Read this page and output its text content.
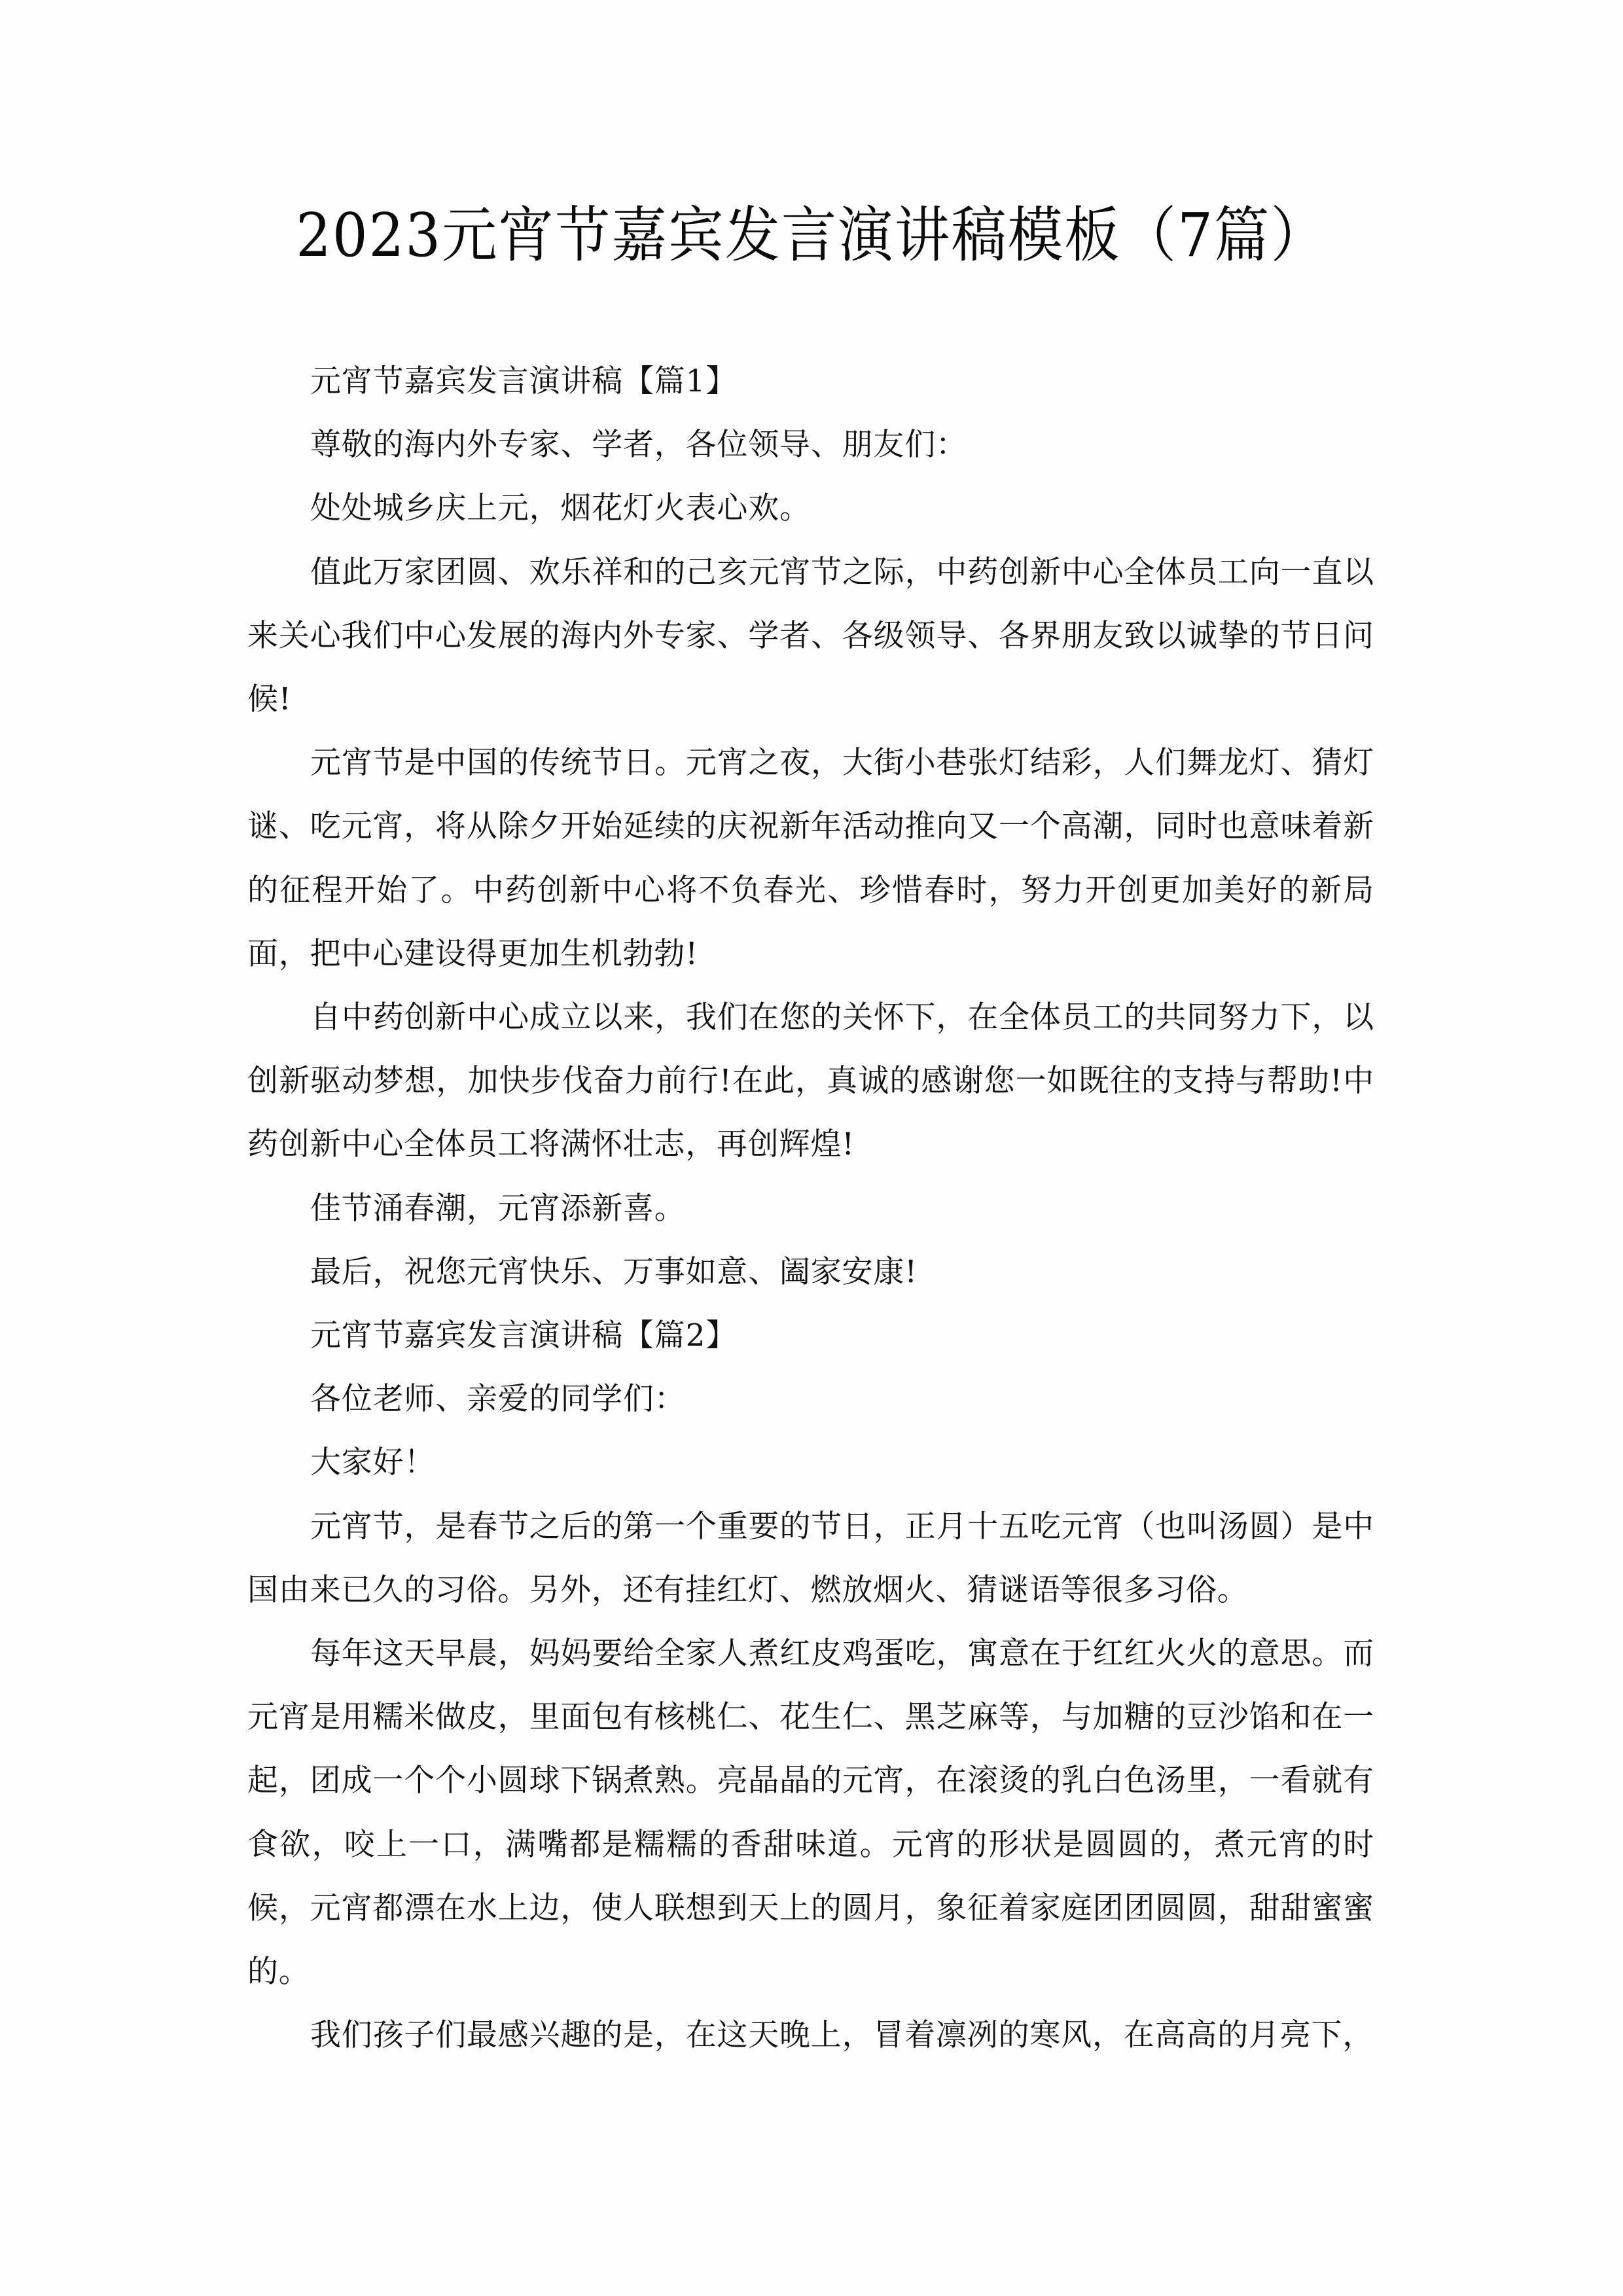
2023元宵节嘉宾发言演讲稿模板（7篇）

元宵节嘉宾发言演讲稿【篇1】

尊敬的海内外专家、学者，各位领导、朋友们：

处处城乡庆上元，烟花灯火表心欢。

值此万家团圆、欢乐祥和的己亥元宵节之际，中药创新中心全体员工向一直以来关心我们中心发展的海内外专家、学者、各级领导、各界朋友致以诚挚的节日问候!

元宵节是中国的传统节日。元宵之夜，大街小巷张灯结彩，人们舞龙灯、猜灯谜、吃元宵，将从除夕开始延续的庆祝新年活动推向又一个高潮，同时也意味着新的征程开始了。中药创新中心将不负春光、珍惜春时，努力开创更加美好的新局面，把中心建设得更加生机勃勃!

自中药创新中心成立以来，我们在您的关怀下，在全体员工的共同努力下，以创新驱动梦想，加快步伐奋力前行!在此，真诚的感谢您一如既往的支持与帮助!中药创新中心全体员工将满怀壮志，再创辉煌!

佳节涌春潮，元宵添新喜。

最后，祝您元宵快乐、万事如意、阖家安康!

元宵节嘉宾发言演讲稿【篇2】

各位老师、亲爱的同学们：

大家好！

元宵节，是春节之后的第一个重要的节日，正月十五吃元宵（也叫汤圆）是中国由来已久的习俗。另外，还有挂红灯、燃放烟火、猜谜语等很多习俗。

每年这天早晨，妈妈要给全家人煮红皮鸡蛋吃，寓意在于红红火火的意思。而元宵是用糯米做皮，里面包有核桃仁、花生仁、黑芝麻等，与加糖的豆沙馅和在一起，团成一个个小圆球下锅煮熟。亮晶晶的元宵，在滚烫的乳白色汤里，一看就有食欲，咬上一口，满嘴都是糯糯的香甜味道。元宵的形状是圆圆的，煮元宵的时候，元宵都漂在水上边，使人联想到天上的圆月，象征着家庭团团圆圆，甜甜蜜蜜的。

我们孩子们最感兴趣的是，在这天晚上，冒着凛冽的寒风，在高高的月亮下，
